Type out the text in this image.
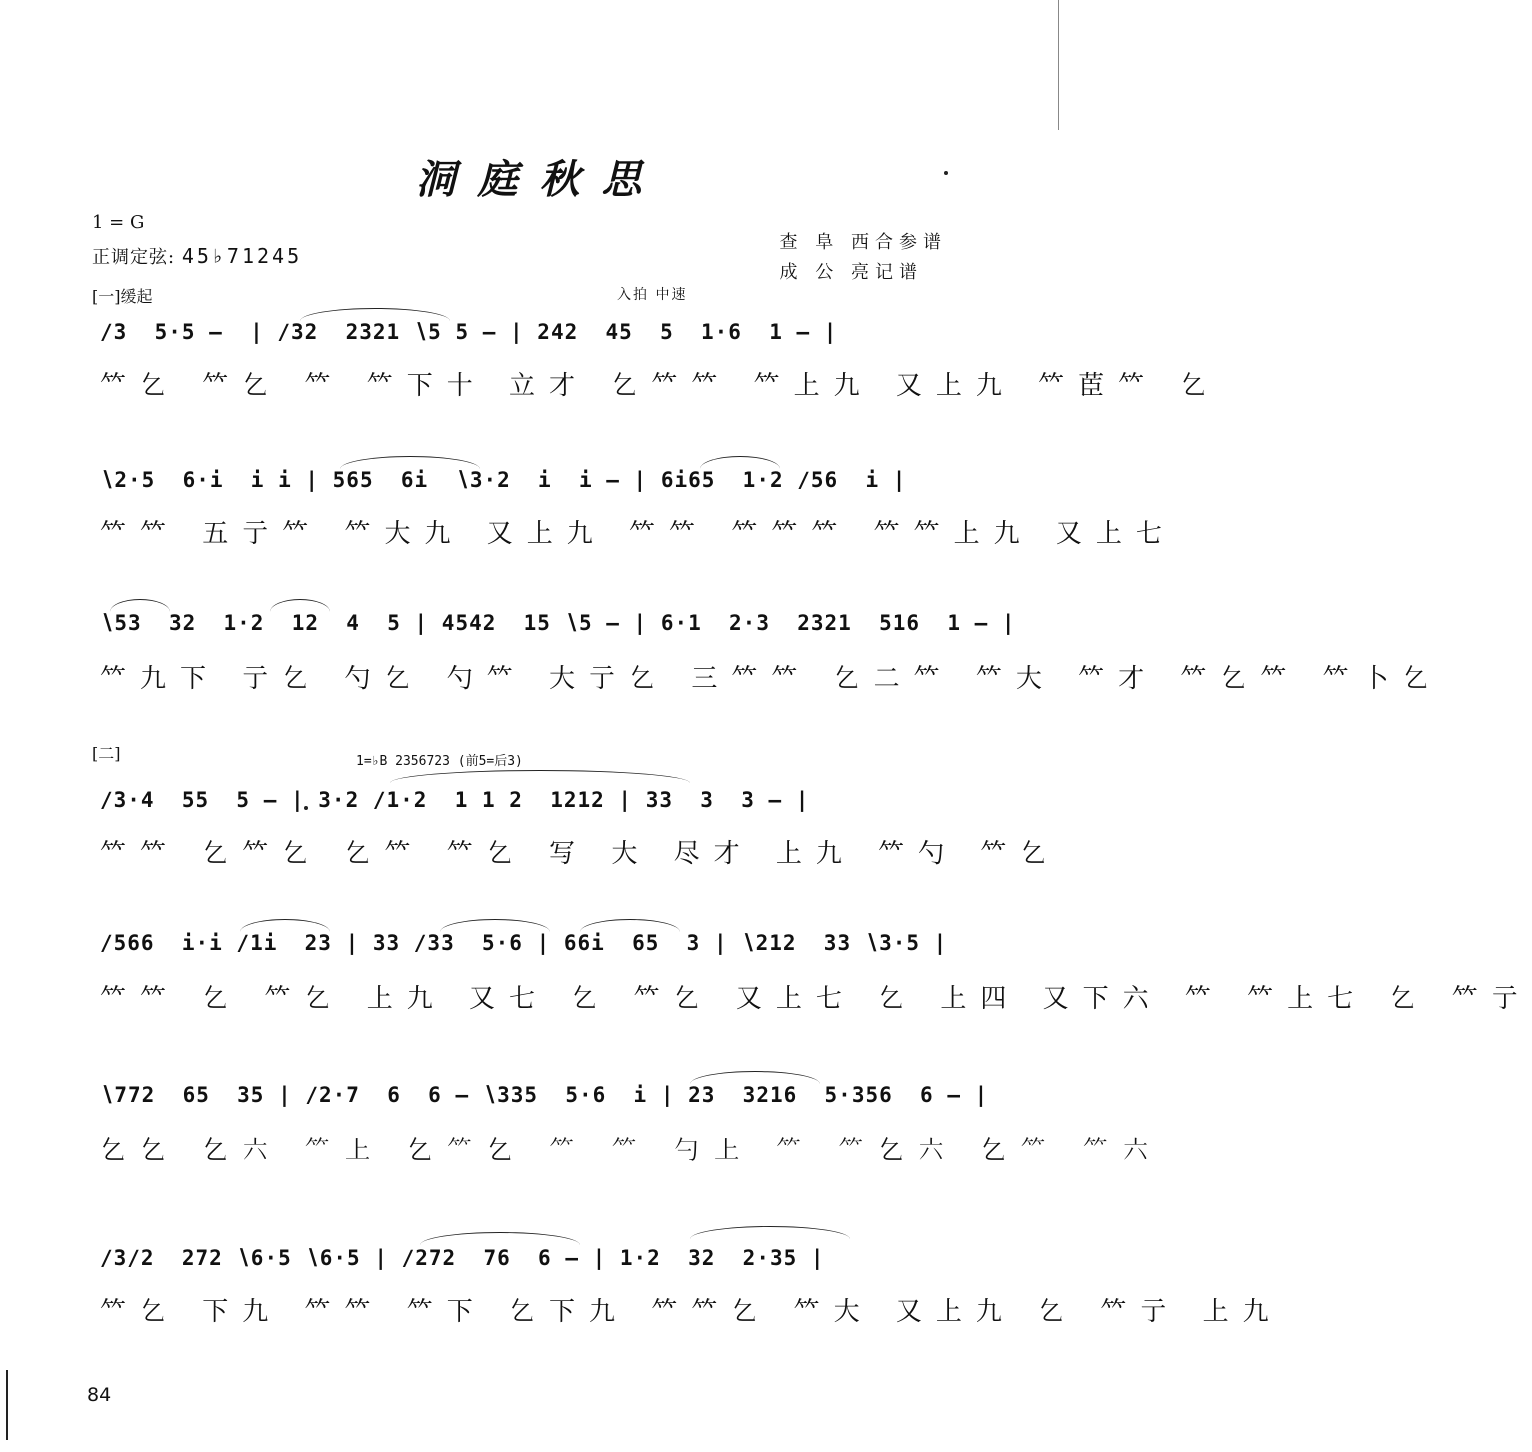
洞庭秋思
1 = G
正调定弦: 45♭71245
查 阜 西合参谱
成 公 亮记谱
[一]缓起	入拍 中速
∕3  5·5 —  | ∕32  2321 ∖5 5 — | 242  45  5  1·6  1 — |
𥫗𠃉 𥫗𠃉 𥫗 𥫗下十 立才 𠃉𥫗𥫗 𥫗上九 又上九 𥫗茞𥫗 𠃉
∖2·5  6·i  i i | 565  6i  ∖3·2  i  i — | 6i65  1·2 ∕56  i |
𥫗𥫗 五亍𥫗 𥫗大九 又上九 𥫗𥫗 𥫗𥫗𥫗 𥫗𥫗上九 又上七
∖53  32  1·2  12  4  5 | 4542  15 ∖5 — | 6·1  2·3  2321  516  1 — |
𥫗九下 亍𠃉 勺𠃉 勺𥫗 大亍𠃉 三𥫗𥫗 𠃉二𥫗 𥫗大 𥫗才 𥫗𠃉𥫗 𥫗卜𠃉
[二]	1=♭B 2356723 (前5=后3)
∕3·4  55  5 — | 3·2 ∕1·2  1 1 2  1212 | 33  3  3 — |
𥫗𥫗 𠃉𥫗𠃉 𠃉𥫗 𥫗𠃉 写 大 尽才 上九 𥫗勺 𥫗𠃉
∕566  i·i ∕1i  23 | 33 ∕33  5·6 | 66i  65  3 | ∖212  33 ∖3·5 |
𥫗𥫗 𠃉 𥫗𠃉 上九 又七 𠃉 𥫗𠃉 又上七 𠃉 上四 又下六 𥫗 𥫗上七 𠃉 𥫗亍
∖772  65  35 | ∕2·7  6  6 — ∖335  5·6  i | 23  3216  5·356  6 — |
𠃉𠃉 𠃉六 𥫗上 𠃉𥫗𠃉 𥫗 𥫗 勺上 𥫗 𥫗𠃉六 𠃉𥫗 𥫗六
∕3∕2  272 ∖6·5 ∖6·5 | ∕272  76  6 — | 1·2  32  2·35 |
𥫗𠃉 下九 𥫗𥫗 𥫗下 𠃉下九 𥫗𥫗𠃉 𥫗大 又上九 𠃉 𥫗亍 上九
84
